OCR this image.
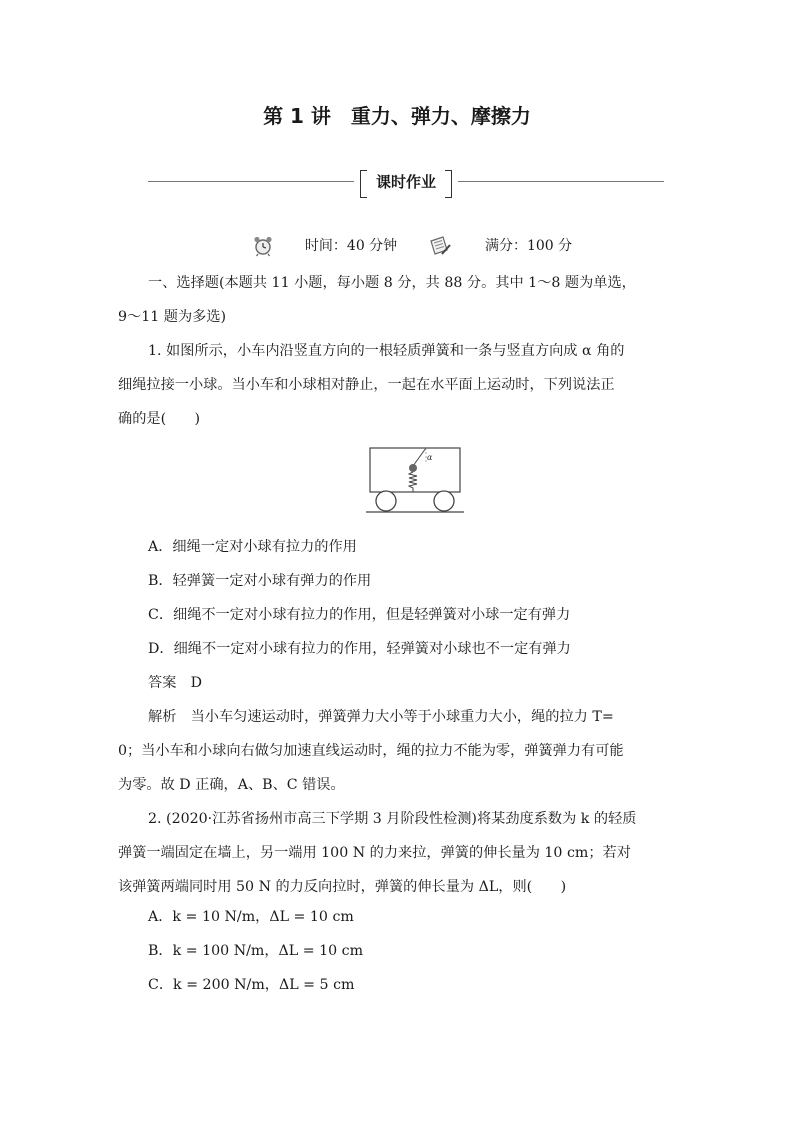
第 1 讲　重力、弹力、摩擦力
课时作业
时间：40 分钟	满分：100 分
一、选择题(本题共 11 小题，每小题 8 分，共 88 分。其中 1～8 题为单选，
9～11 题为多选)
1. 如图所示，小车内沿竖直方向的一根轻质弹簧和一条与竖直方向成 α 角的
细绳拉接一小球。当小车和小球相对静止，一起在水平面上运动时，下列说法正
确的是(　　)
α
A．细绳一定对小球有拉力的作用
B．轻弹簧一定对小球有弹力的作用
C．细绳不一定对小球有拉力的作用，但是轻弹簧对小球一定有弹力
D．细绳不一定对小球有拉力的作用，轻弹簧对小球也不一定有弹力
答案　 D
解析　 当小车匀速运动时，弹簧弹力大小等于小球重力大小，绳的拉力 T=
0；当小车和小球向右做匀加速直线运动时，绳的拉力不能为零，弹簧弹力有可能
为零。故 D 正确，A、B、C 错误。
2. (2020·江苏省扬州市高三下学期 3 月阶段性检测)将某劲度系数为 k 的轻质
弹簧一端固定在墙上，另一端用 100 N 的力来拉，弹簧的伸长量为 10 cm；若对
该弹簧两端同时用 50 N 的力反向拉时，弹簧的伸长量为 ΔL，则(　　)
A．k = 10 N/m，ΔL = 10 cm
B．k = 100 N/m，ΔL = 10 cm
C．k = 200 N/m，ΔL = 5 cm
